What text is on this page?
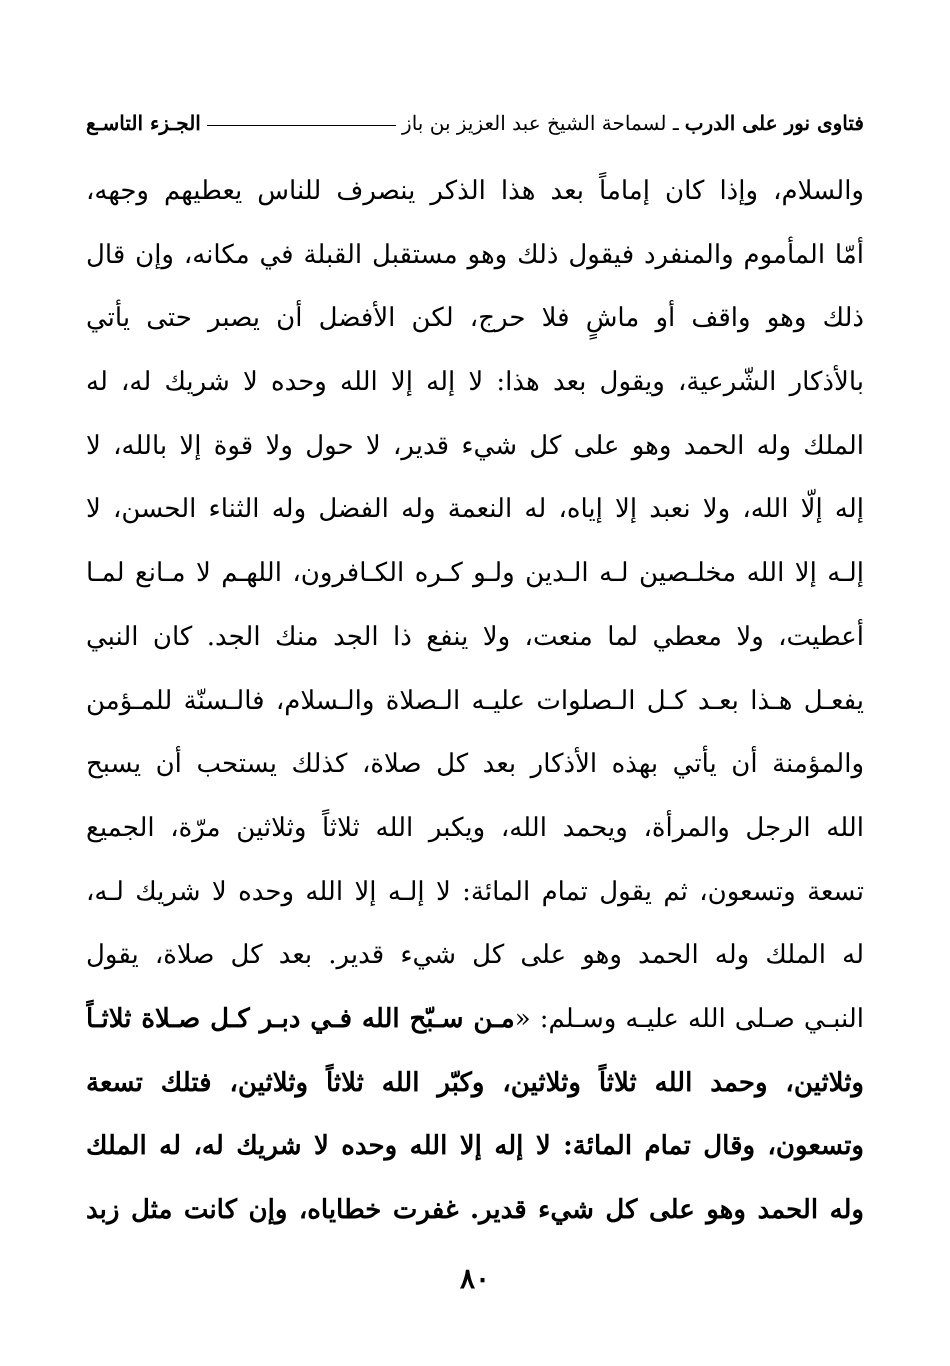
فتاوى نور على الدرب
ـ لسماحة الشيخ عبد العزيز بن باز
الجـزء التاسـع
والسلام، وإذا كان إماماً بعد هذا الذكر ينصرف للناس يعطيهم وجهه،
أمّا المأموم والمنفرد فيقول ذلك وهو مستقبل القبلة في مكانه، وإن قال
ذلك وهو واقف أو ماشٍ فلا حرج، لكن الأفضل أن يصبر حتى يأتي
بالأذكار الشّرعية، ويقول بعد هذا: لا إله إلا الله وحده لا شريك له، له
الملك وله الحمد وهو على كل شيء قدير، لا حول ولا قوة إلا بالله، لا
إله إلّا الله، ولا نعبد إلا إياه، له النعمة وله الفضل وله الثناء الحسن، لا
إلـه إلا الله مخلـصين لـه الـدين ولـو كـره الكـافرون، اللهـم لا مـانع لمـا
أعطيت، ولا معطي لما منعت، ولا ينفع ذا الجد منك الجد. كان النبي
يفعـل هـذا بعـد كـل الـصلوات عليـه الـصلاة والـسلام، فالـسنّة للمـؤمن
والمؤمنة أن يأتي بهذه الأذكار بعد كل صلاة، كذلك يستحب أن يسبح
الله الرجل والمرأة، ويحمد الله، ويكبر الله ثلاثاً وثلاثين مرّة، الجميع
تسعة وتسعون، ثم يقول تمام المائة: لا إلـه إلا الله وحده لا شريك لـه،
له الملك وله الحمد وهو على كل شيء قدير. بعد كل صلاة، يقول
النبـي صـلى الله عليـه وسـلم: «مـن سـبّح الله فـي دبـر كـل صـلاة ثلاثـاً
وثلاثين، وحمد الله ثلاثاً وثلاثين، وكبّر الله ثلاثاً وثلاثين، فتلك تسعة
وتسعون، وقال تمام المائة: لا إله إلا الله وحده لا شريك له، له الملك
وله الحمد وهو على كل شيء قدير. غفرت خطاياه، وإن كانت مثل زبد
٨٠
